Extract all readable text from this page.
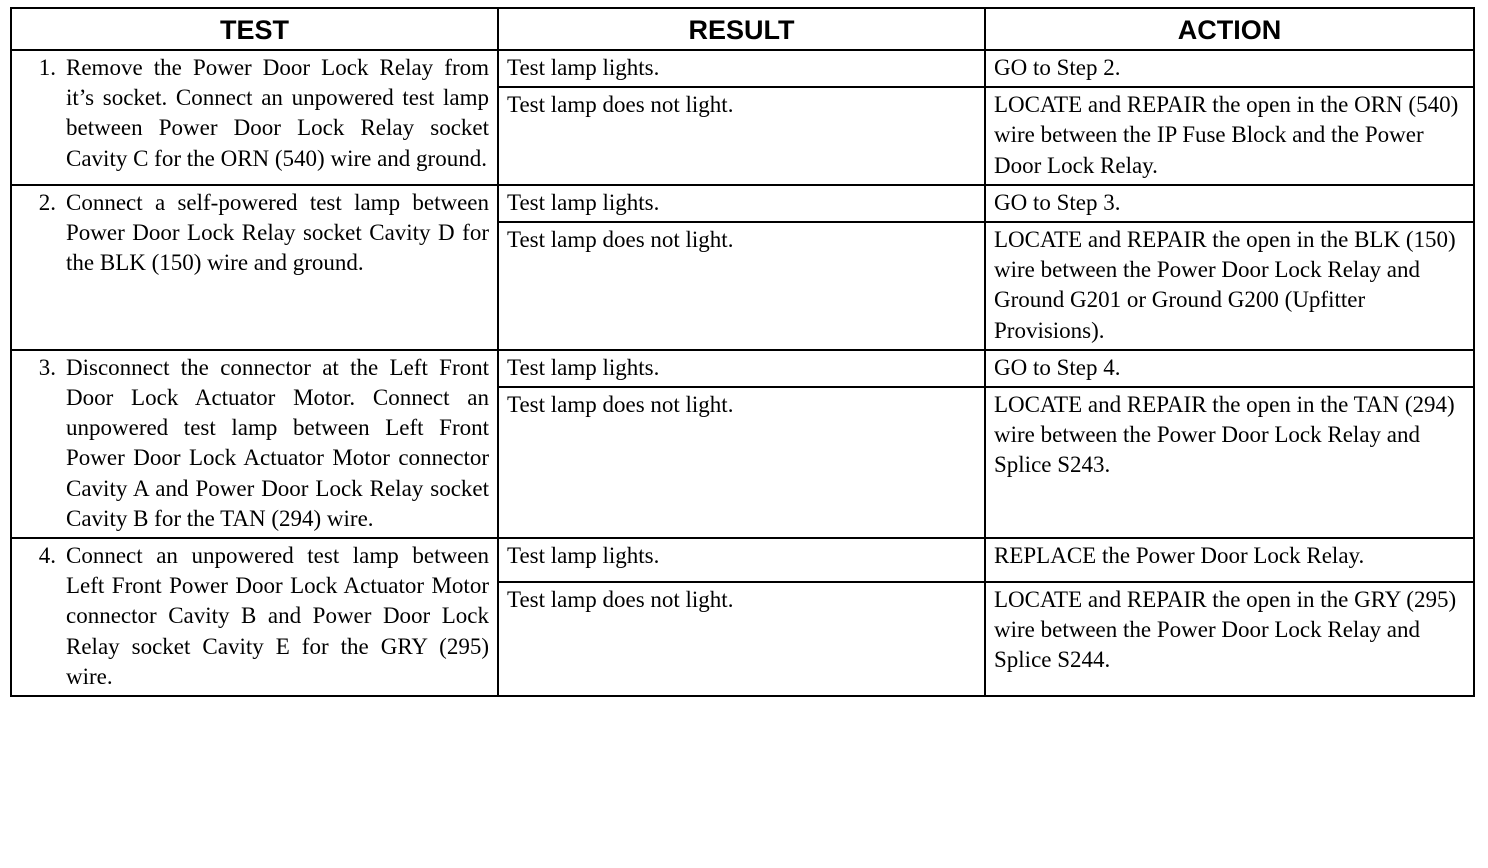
TEST	RESULT	ACTION

1. Remove the Power Door Lock Relay from it’s socket. Connect an unpowered test lamp between Power Door Lock Relay socket Cavity C for the ORN (540) wire and ground.	Test lamp lights.	GO to Step 2.
	Test lamp does not light.	LOCATE and REPAIR the open in the ORN (540) wire between the IP Fuse Block and the Power Door Lock Relay.

2. Connect a self-powered test lamp between Power Door Lock Relay socket Cavity D for the BLK (150) wire and ground.	Test lamp lights.	GO to Step 3.
	Test lamp does not light.	LOCATE and REPAIR the open in the BLK (150) wire between the Power Door Lock Relay and Ground G201 or Ground G200 (Upfitter Provisions).

3. Disconnect the connector at the Left Front Door Lock Actuator Motor. Connect an unpowered test lamp between Left Front Power Door Lock Actuator Motor connector Cavity A and Power Door Lock Relay socket Cavity B for the TAN (294) wire.	Test lamp lights.	GO to Step 4.
	Test lamp does not light.	LOCATE and REPAIR the open in the TAN (294) wire between the Power Door Lock Relay and Splice S243.

4. Connect an unpowered test lamp between Left Front Power Door Lock Actuator Motor connector Cavity B and Power Door Lock Relay socket Cavity E for the GRY (295) wire.	Test lamp lights.	REPLACE the Power Door Lock Relay.
	Test lamp does not light.	LOCATE and REPAIR the open in the GRY (295) wire between the Power Door Lock Relay and Splice S244.
